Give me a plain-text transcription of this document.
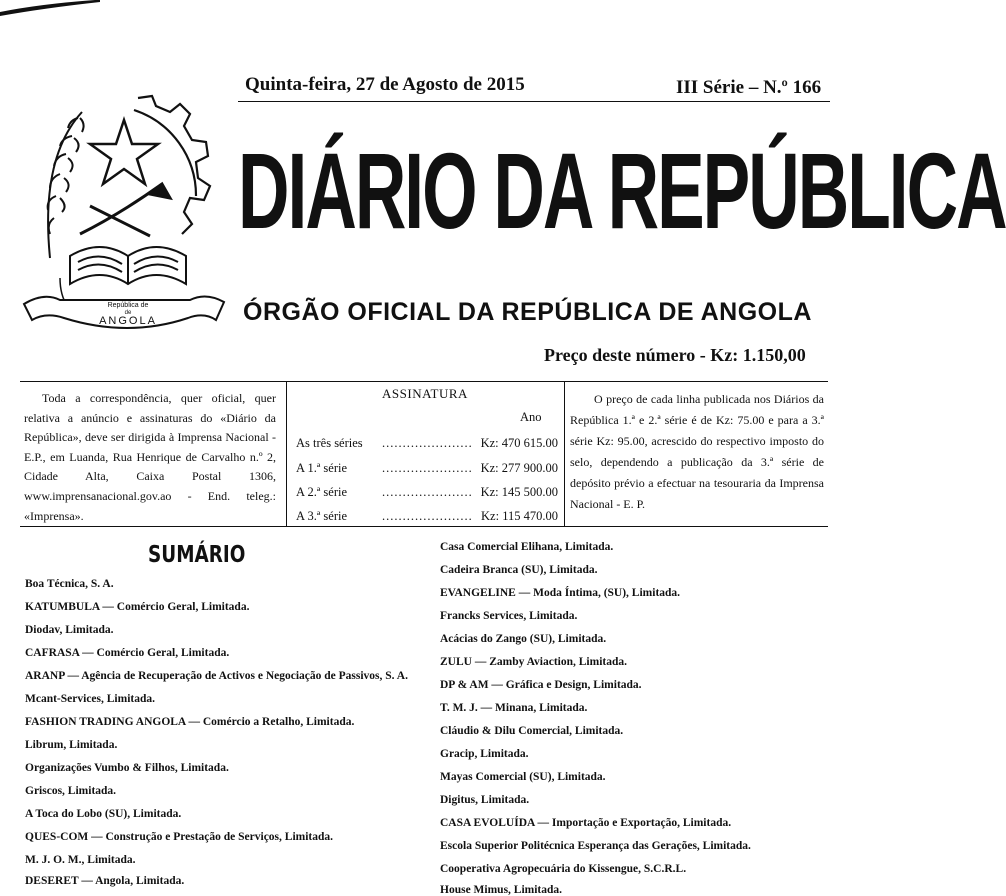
República de
de
ANGOLA
Quinta-feira, 27 de Agosto de 2015	III Série – N.º 166
DIÁRIO DA REPÚBLICA
ÓRGÃO OFICIAL DA REPÚBLICA DE ANGOLA
Preço deste número - Kz: 1.150,00

Toda a correspondência, quer oficial, quer relativa a anúncio e assinaturas do «Diário da República», deve ser dirigida à Imprensa Nacional - E.P., em Luanda, Rua Henrique de Carvalho n.º 2, Cidade Alta, Caixa Postal 1306, www.imprensanacional.gov.ao - End. teleg.: «Imprensa».

ASSINATURA
Ano
As três séries	...................... Kz: 470 615.00
A 1.ª série	...................... Kz: 277 900.00
A 2.ª série	...................... Kz: 145 500.00
A 3.ª série	...................... Kz: 115 470.00

O preço de cada linha publicada nos Diários da República 1.ª e 2.ª série é de Kz: 75.00 e para a 3.ª série Kz: 95.00, acrescido do respectivo imposto do selo, dependendo a publicação da 3.ª série de depósito prévio a efectuar na tesouraria da Imprensa Nacional - E. P.

SUMÁRIO
Boa Técnica, S. A.
KATUMBULA — Comércio Geral, Limitada.
Diodav, Limitada.
CAFRASA — Comércio Geral, Limitada.
ARANP — Agência de Recuperação de Activos e Negociação de Passivos, S. A.
Mcant-Services, Limitada.
FASHION TRADING ANGOLA — Comércio a Retalho, Limitada.
Librum, Limitada.
Organizações Vumbo & Filhos, Limitada.
Griscos, Limitada.
A Toca do Lobo (SU), Limitada.
QUES-COM — Construção e Prestação de Serviços, Limitada.
M. J. O. M., Limitada.
DESERET — Angola, Limitada.
Casa Comercial Elihana, Limitada.
Cadeira Branca (SU), Limitada.
EVANGELINE — Moda Íntima, (SU), Limitada.
Francks Services, Limitada.
Acácias do Zango (SU), Limitada.
ZULU — Zamby Aviaction, Limitada.
DP & AM — Gráfica e Design, Limitada.
T. M. J. — Minana, Limitada.
Cláudio & Dilu Comercial, Limitada.
Gracip, Limitada.
Mayas Comercial (SU), Limitada.
Digitus, Limitada.
CASA EVOLUÍDA — Importação e Exportação, Limitada.
Escola Superior Politécnica Esperança das Gerações, Limitada.
Cooperativa Agropecuária do Kissengue, S.C.R.L.
House Mimus, Limitada.
